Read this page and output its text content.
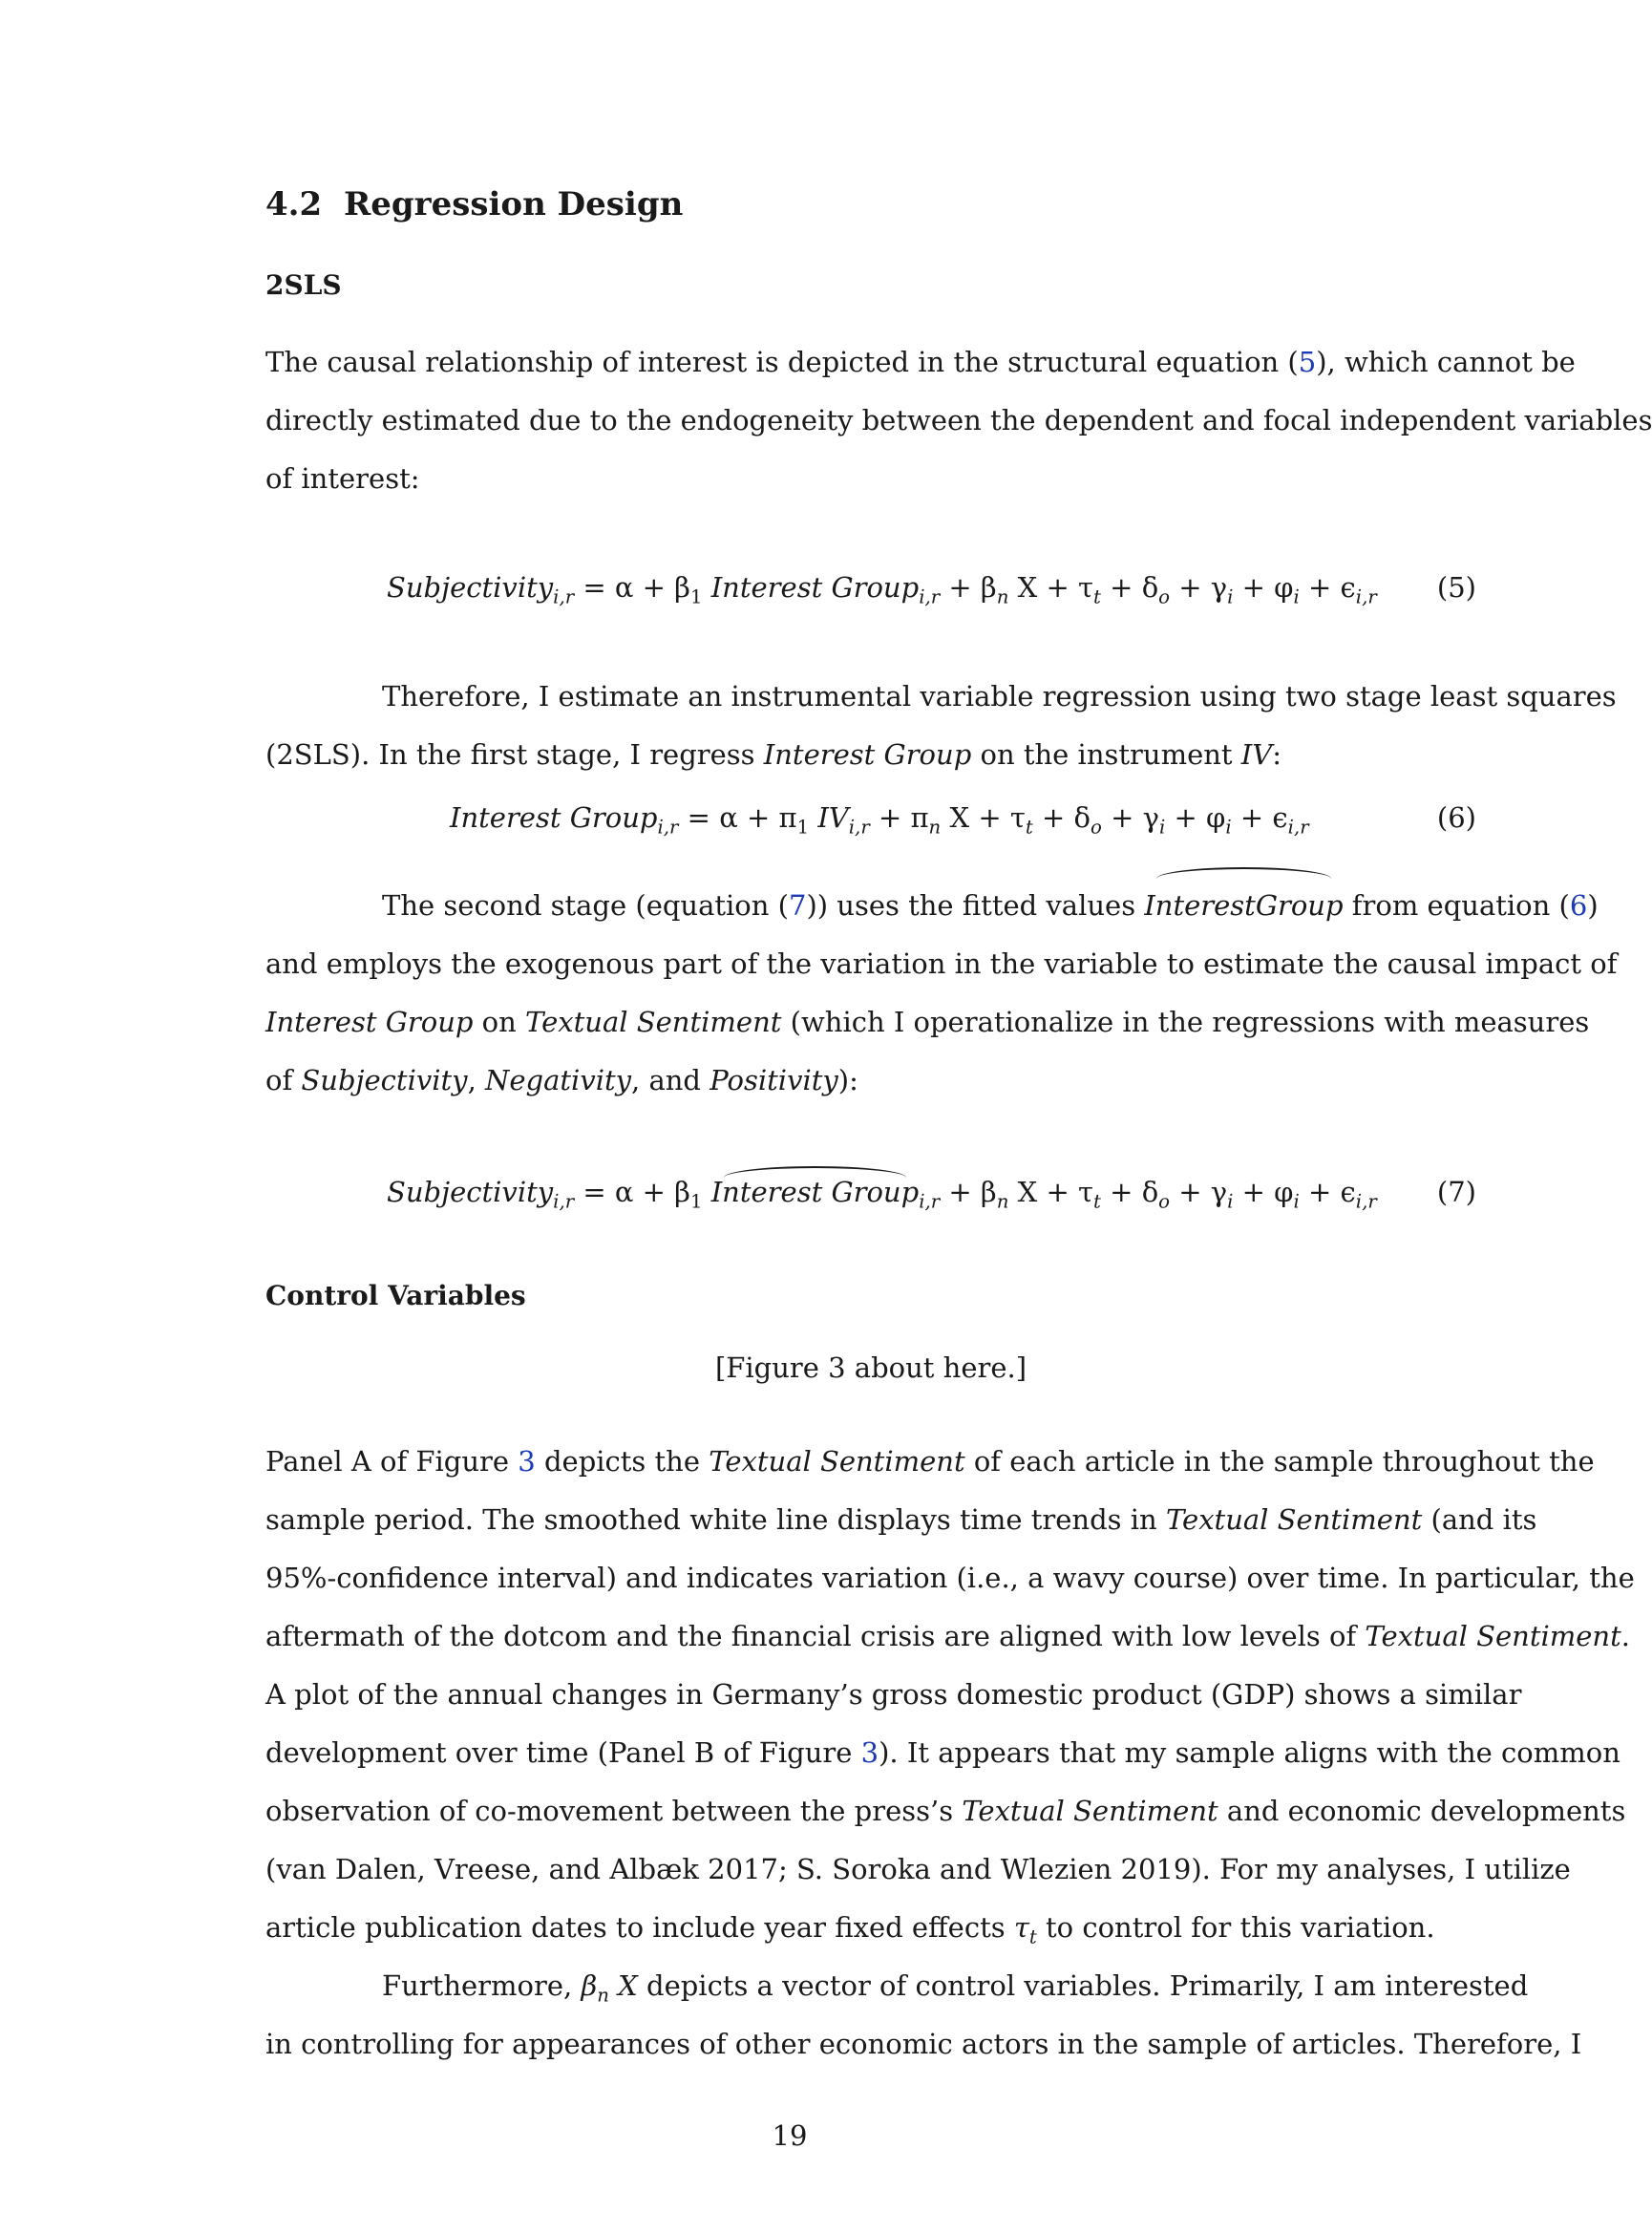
4.2 Regression Design
2SLS
The causal relationship of interest is depicted in the structural equation (5), which cannot be
directly estimated due to the endogeneity between the dependent and focal independent variables
of interest:
Subjectivity$_{i,r}$ = $\alpha + \beta_1$ Interest Group$_{i,r}$ + $\beta_n$ $X + \tau_t + \delta_o + \gamma_i + \varphi_i + \epsilon_{i,r}$ (5)
Therefore, I estimate an instrumental variable regression using two stage least squares
(2SLS). In the first stage, I regress Interest Group on the instrument IV:
Interest Group$_{i,r}$ = $\alpha + \pi_1$ $IV_{i,r} + \pi_n$ $X + \tau_t + \delta_o + \gamma_i + \varphi_i + \epsilon_{i,r}$	(6)
The second stage (equation (7)) uses the fitted values InterestGroup from equation (6)
and employs the exogenous part of the variation in the variable to estimate the causal impact of
Interest Group on Textual Sentiment (which I operationalize in the regressions with measures
of Subjectivity, Negativity, and Positivity):
Subjectivity$_{i,r}$ = $\alpha + \beta_1$ Interest Group$_{i,r}$ + $\beta_n$ $X + \tau_t + \delta_o + \gamma_i + \varphi_i + \epsilon_{i,r}$ (7)
Control Variables
[Figure 3 about here.]
Panel A of Figure 3 depicts the Textual Sentiment of each article in the sample throughout the
sample period. The smoothed white line displays time trends in Textual Sentiment (and its
95%-confidence interval) and indicates variation (i.e., a wavy course) over time. In particular, the
aftermath of the dotcom and the financial crisis are aligned with low levels of Textual Sentiment.
A plot of the annual changes in Germany’s gross domestic product (GDP) shows a similar
development over time (Panel B of Figure 3). It appears that my sample aligns with the common
observation of co-movement between the press’s Textual Sentiment and economic developments
(van Dalen, Vreese, and Albæk 2017; S. Soroka and Wlezien 2019). For my analyses, I utilize
article publication dates to include year fixed effects $\tau_t$ to control for this variation.
Furthermore, $\beta_n$ X depicts a vector of control variables. Primarily, I am interested
in controlling for appearances of other economic actors in the sample of articles. Therefore, I
19
